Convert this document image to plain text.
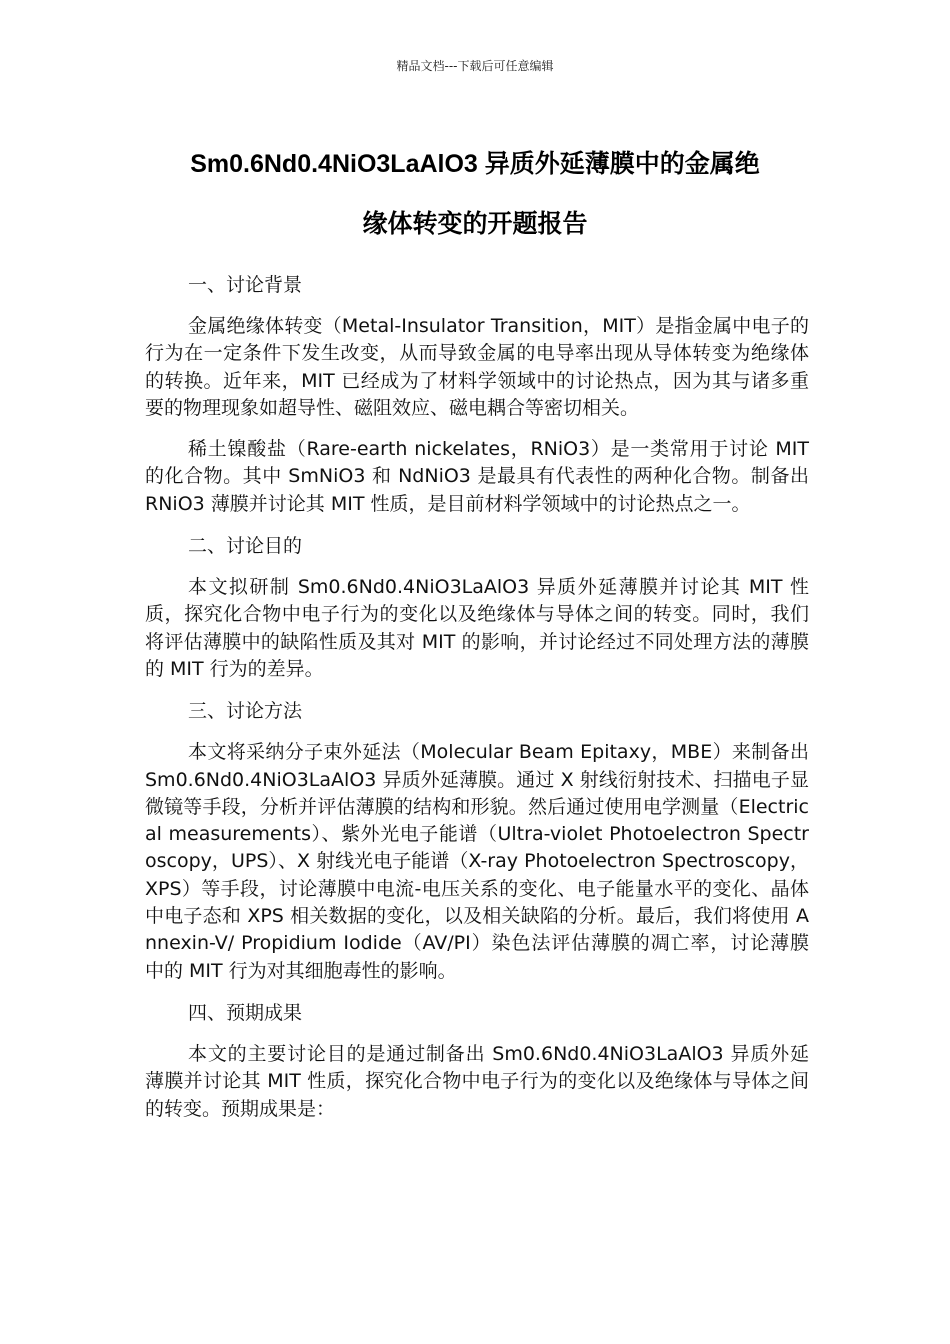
精品文档---下载后可任意编辑
Sm0.6Nd0.4NiO3LaAlO3 异质外延薄膜中的金属绝
缘体转变的开题报告

一、讨论背景

金属绝缘体转变（Metal-Insulator Transition，MIT）是指金属中电子的行为在一定条件下发生改变，从而导致金属的电导率出现从导体转变为绝缘体的转换。近年来，MIT 已经成为了材料学领域中的讨论热点，因为其与诸多重要的物理现象如超导性、磁阻效应、磁电耦合等密切相关。

稀土镍酸盐（Rare-earth nickelates，RNiO3）是一类常用于讨论 MIT 的化合物。其中 SmNiO3 和 NdNiO3 是最具有代表性的两种化合物。制备出 RNiO3 薄膜并讨论其 MIT 性质，是目前材料学领域中的讨论热点之一。

二、讨论目的

本文拟研制 Sm0.6Nd0.4NiO3LaAlO3 异质外延薄膜并讨论其 MIT 性质，探究化合物中电子行为的变化以及绝缘体与导体之间的转变。同时，我们将评估薄膜中的缺陷性质及其对 MIT 的影响，并讨论经过不同处理方法的薄膜的 MIT 行为的差异。

三、讨论方法

本文将采纳分子束外延法（Molecular Beam Epitaxy，MBE）来制备出 Sm0.6Nd0.4NiO3LaAlO3 异质外延薄膜。通过 X 射线衍射技术、扫描电子显微镜等手段，分析并评估薄膜的结构和形貌。然后通过使用电学测量（Electrical measurements）、紫外光电子能谱（Ultra-violet Photoelectron Spectroscopy，UPS）、X 射线光电子能谱（X-ray Photoelectron Spectroscopy，XPS）等手段，讨论薄膜中电流-电压关系的变化、电子能量水平的变化、晶体中电子态和 XPS 相关数据的变化，以及相关缺陷的分析。最后，我们将使用 Annexin-V/ Propidium Iodide（AV/PI）染色法评估薄膜的凋亡率，讨论薄膜中的 MIT 行为对其细胞毒性的影响。

四、预期成果

本文的主要讨论目的是通过制备出 Sm0.6Nd0.4NiO3LaAlO3 异质外延薄膜并讨论其 MIT 性质，探究化合物中电子行为的变化以及绝缘体与导体之间的转变。预期成果是：
